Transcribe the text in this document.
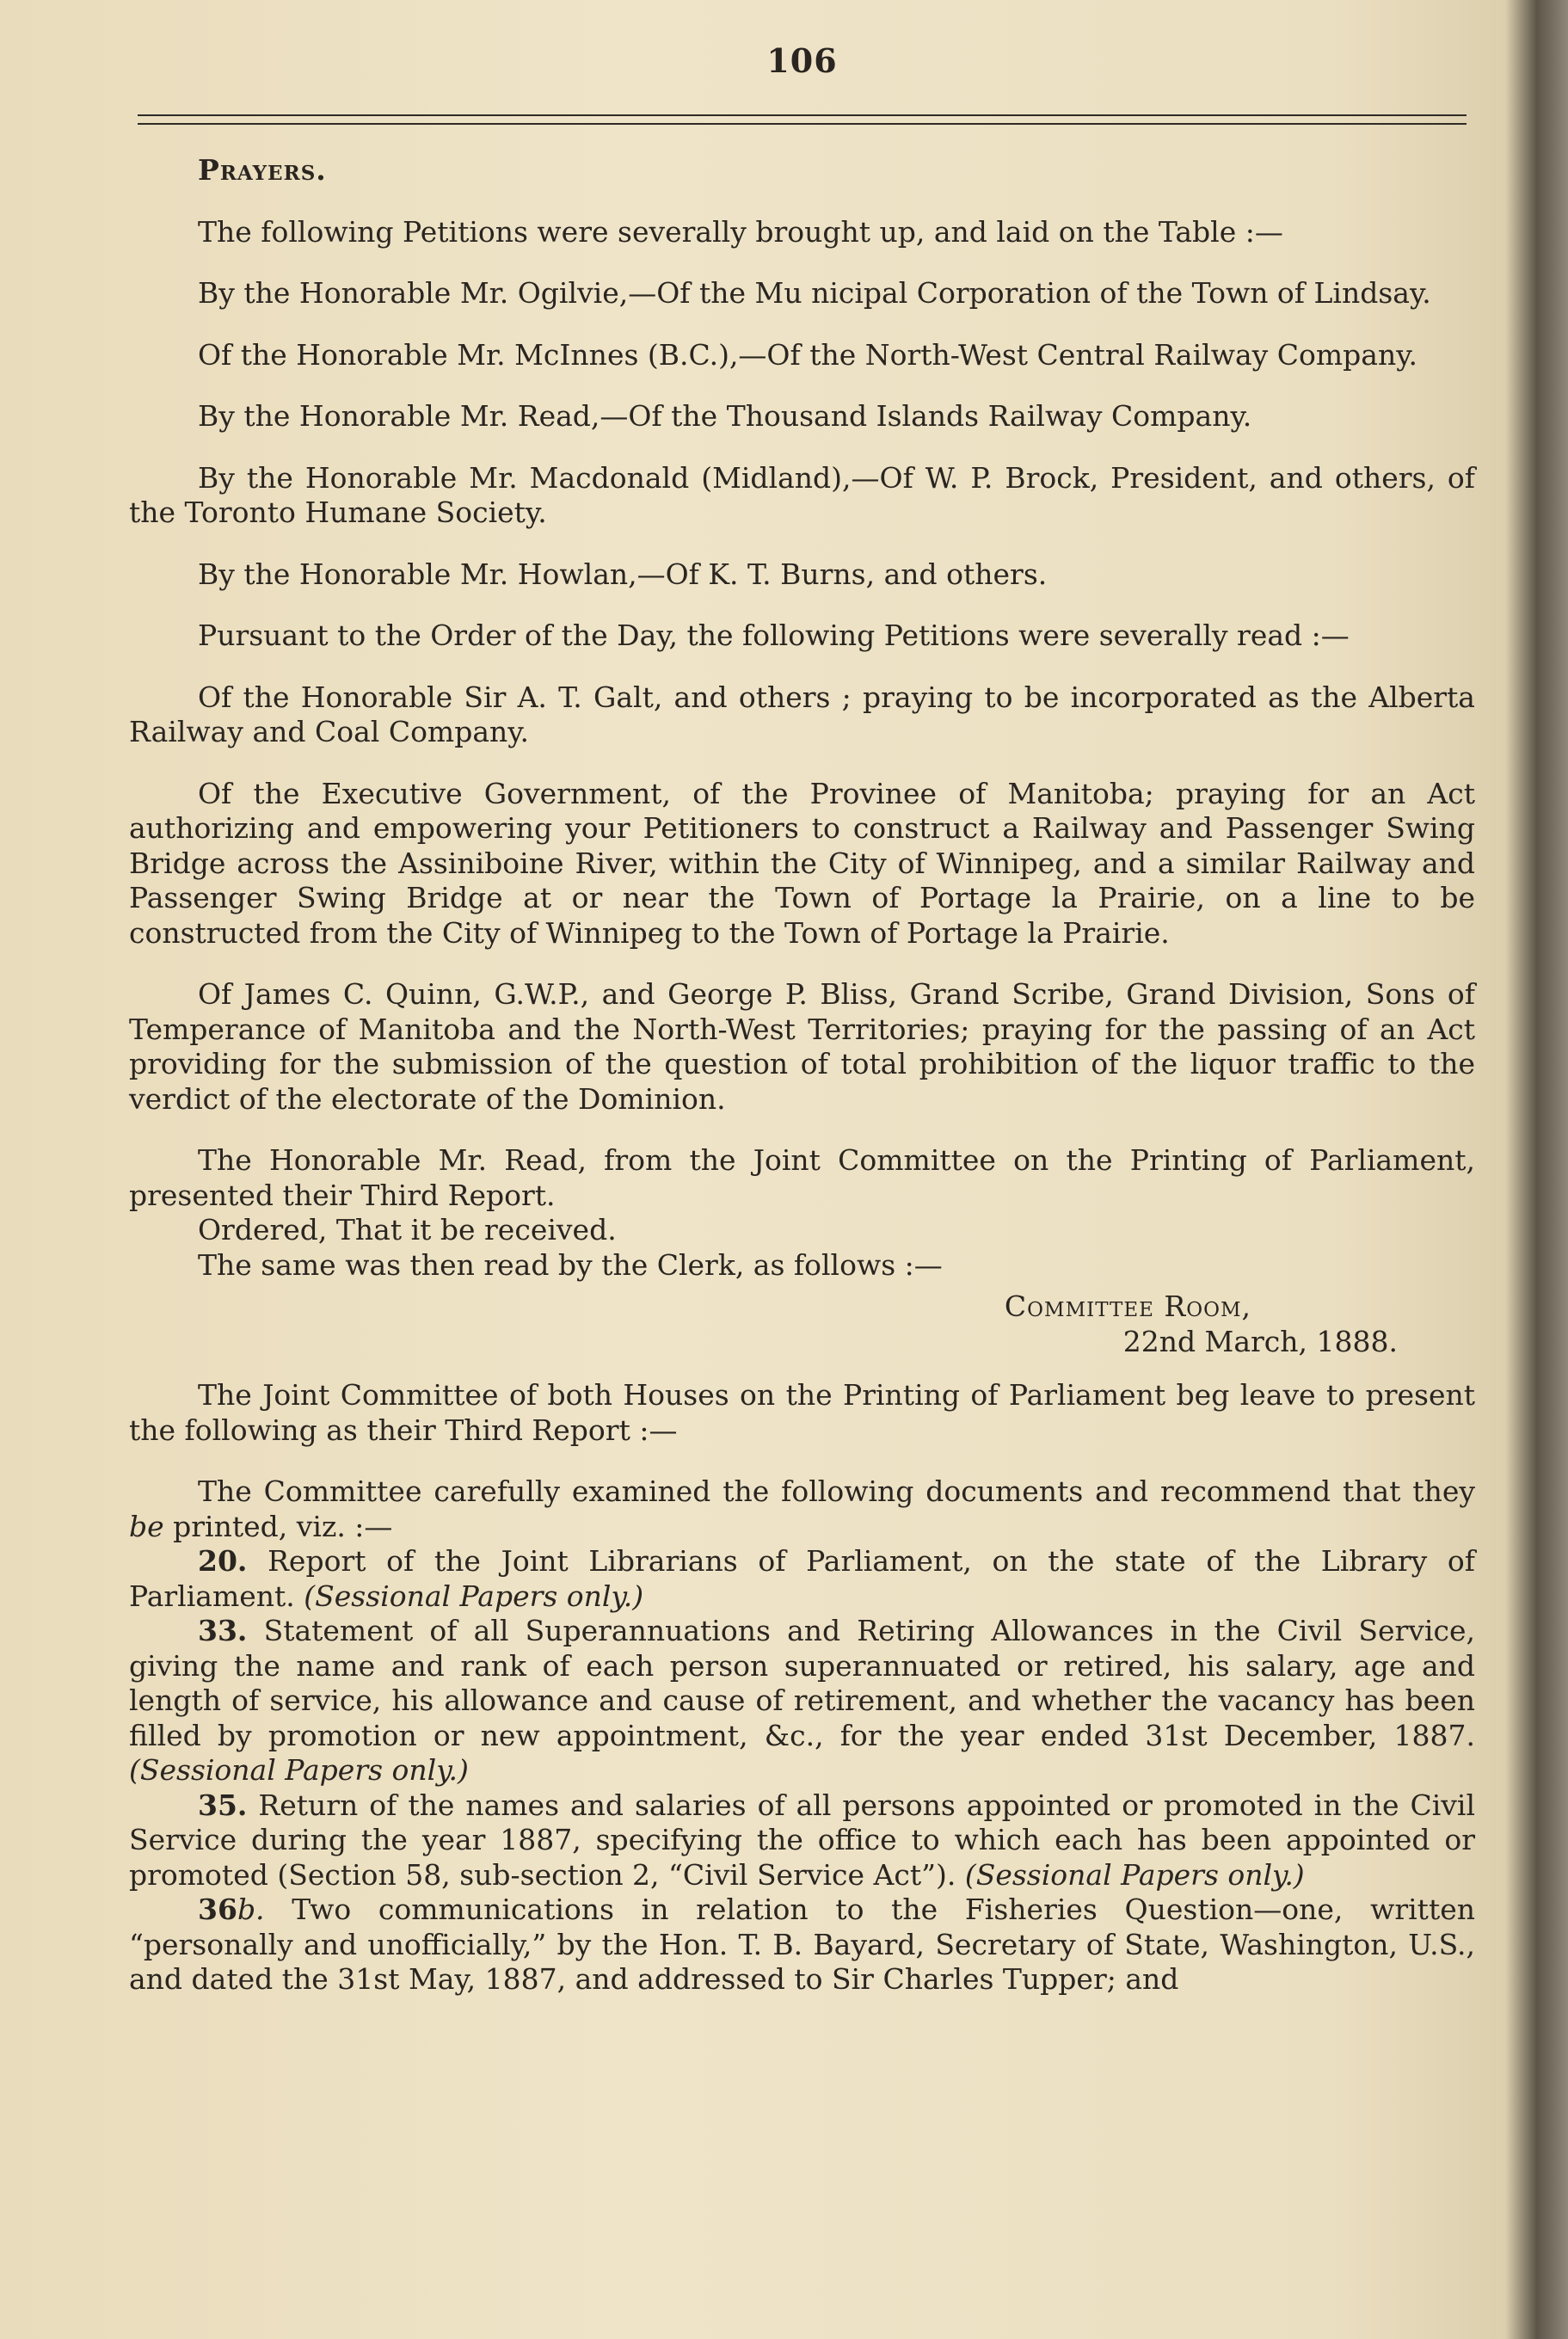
106

Prayers.

The following Petitions were severally brought up, and laid on the Table :—

By the Honorable Mr. Ogilvie,—Of the Mu nicipal Corporation of the Town of Lindsay.

Of the Honorable Mr. McInnes (B.C.),—Of the North-West Central Railway Company.

By the Honorable Mr. Read,—Of the Thousand Islands Railway Company.

By the Honorable Mr. Macdonald (Midland),—Of W. P. Brock, President, and others, of the Toronto Humane Society.

By the Honorable Mr. Howlan,—Of K. T. Burns, and others.

Pursuant to the Order of the Day, the following Petitions were severally read :—

Of the Honorable Sir A. T. Galt, and others ; praying to be incorporated as the Alberta Railway and Coal Company.

Of the Executive Government, of the Provinee of Manitoba; praying for an Act authorizing and empowering your Petitioners to construct a Railway and Passenger Swing Bridge across the Assiniboine River, within the City of Winnipeg, and a similar Railway and Passenger Swing Bridge at or near the Town of Portage la Prairie, on a line to be constructed from the City of Winnipeg to the Town of Portage la Prairie.

Of James C. Quinn, G.W.P., and George P. Bliss, Grand Scribe, Grand Division, Sons of Temperance of Manitoba and the North-West Territories; praying for the passing of an Act providing for the submission of the question of total prohibition of the liquor traffic to the verdict of the electorate of the Dominion.

The Honorable Mr. Read, from the Joint Committee on the Printing of Parliament, presented their Third Report.

Ordered, That it be received.

The same was then read by the Clerk, as follows :—

Committee Room,

22nd March, 1888.

The Joint Committee of both Houses on the Printing of Parliament beg leave to present the following as their Third Report :—

The Committee carefully examined the following documents and recommend that they be printed, viz. :—

20. Report of the Joint Librarians of Parliament, on the state of the Library of Parliament. (Sessional Papers only.)

33. Statement of all Superannuations and Retiring Allowances in the Civil Service, giving the name and rank of each person superannuated or retired, his salary, age and length of service, his allowance and cause of retirement, and whether the vacancy has been filled by promotion or new appointment, &c., for the year ended 31st December, 1887. (Sessional Papers only.)

35. Return of the names and salaries of all persons appointed or promoted in the Civil Service during the year 1887, specifying the office to which each has been appointed or promoted (Section 58, sub-section 2, “Civil Service Act”). (Sessional Papers only.)

36b. Two communications in relation to the Fisheries Question—one, written “personally and unofficially,” by the Hon. T. B. Bayard, Secretary of State, Washington, U.S., and dated the 31st May, 1887, and addressed to Sir Charles Tupper; and
